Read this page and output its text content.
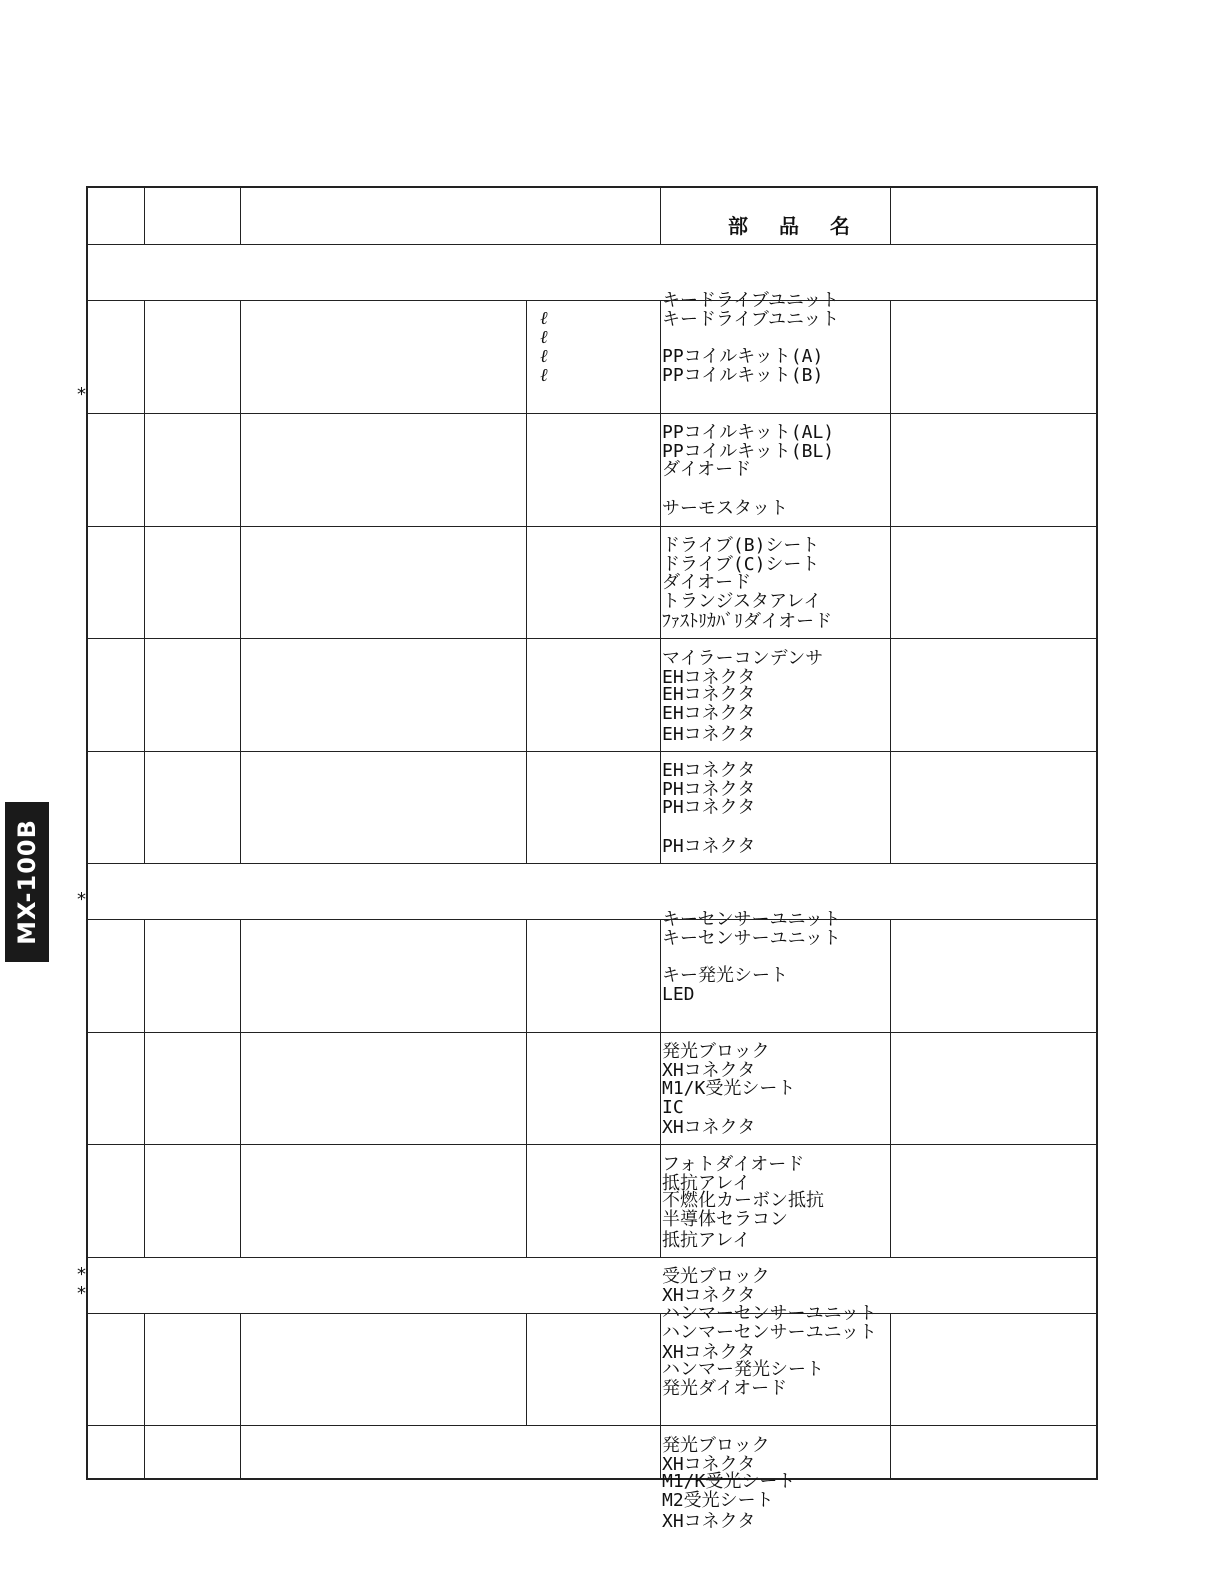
MX-100B
部 品 名

キードライブユニット
キードライブユニット

ℓ
ℓ
ℓ
ℓ

PPコイルキット(A)
PPコイルキット(B)

PPコイルキット(AL)
PPコイルキット(BL)

サーモスタット

ダイオード

ドライブ(B)シート
ドライブ(C)シート

ﾌｧｽﾄﾘｶﾊﾞﾘダイオード

ダイオード
トランジスタアレイ

マイラーコンデンサ
EHコネクタ

EHコネクタ

EHコネクタ
EHコネクタ

EHコネクタ
PHコネクタ

PHコネクタ

PHコネクタ

キーセンサーユニット
キーセンサーユニット

キー発光シート
LED

発光ブロック
XHコネクタ

XHコネクタ

M1/K受光シート
IC

フォトダイオード
抵抗アレイ

抵抗アレイ

不燃化カーボン抵抗
半導体セラコン

受光ブロック
XHコネクタ

XHコネクタ

ハンマーセンサーユニット
ハンマーセンサーユニット

ハンマー発光シート
発光ダイオード

発光ブロック
XHコネクタ

XHコネクタ

M1/K受光シート
M2受光シート

*
*
*
*
